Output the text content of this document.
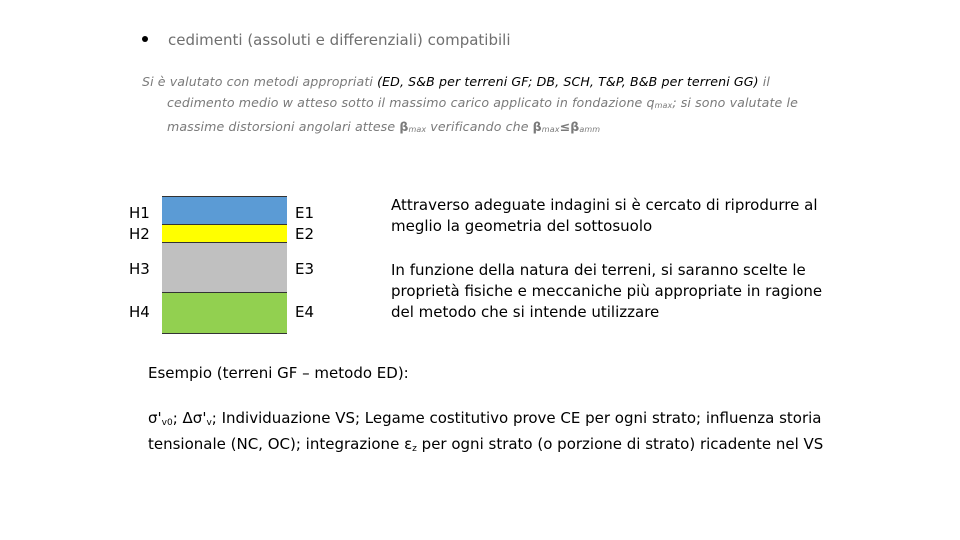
cedimenti (assoluti e differenziali) compatibili
Si è valutato con metodi appropriati (ED, S&B per terreni GF; DB, SCH, T&P, B&B per terreni GG) il
cedimento medio w atteso sotto il massimo carico applicato in fondazione $q_{max}$; si sono valutate le
massime distorsioni angolari attese $\beta_{max}$ verificando che $\beta_{max}\le\beta_{amm}$
H1
H2
H3
H4
E1
E2
E3
E4
Attraverso adeguate indagini si è cercato di riprodurre al meglio la geometria del sottosuolo
In funzione della natura dei terreni, si saranno scelte le proprietà fisiche e meccaniche più appropriate in ragione del metodo che si intende utilizzare
Esempio (terreni GF – metodo ED):
$\sigma'_{v0}$; $\Delta\sigma'_v$; Individuazione VS; Legame costitutivo prove CE per ogni strato; influenza storia tensionale (NC, OC); integrazione $\varepsilon_z$ per ogni strato (o porzione di strato) ricadente nel VS
